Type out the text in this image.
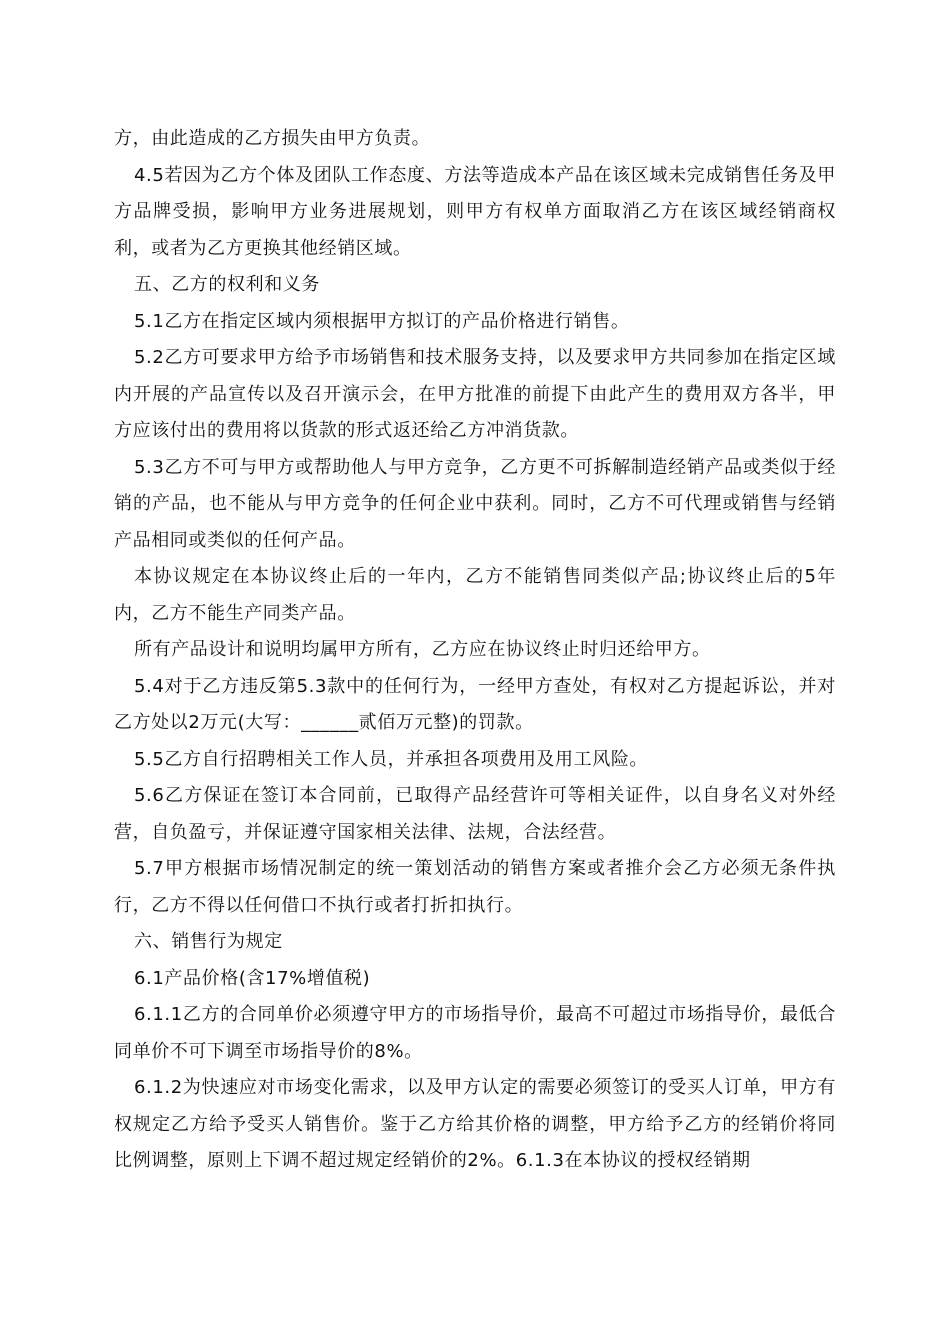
方，由此造成的乙方损失由甲方负责。

4.5若因为乙方个体及团队工作态度、方法等造成本产品在该区域未完成销售任务及甲方品牌受损，影响甲方业务进展规划，则甲方有权单方面取消乙方在该区域经销商权利，或者为乙方更换其他经销区域。

五、乙方的权利和义务

5.1乙方在指定区域内须根据甲方拟订的产品价格进行销售。

5.2乙方可要求甲方给予市场销售和技术服务支持，以及要求甲方共同参加在指定区域内开展的产品宣传以及召开演示会，在甲方批准的前提下由此产生的费用双方各半，甲方应该付出的费用将以货款的形式返还给乙方冲消货款。

5.3乙方不可与甲方或帮助他人与甲方竞争，乙方更不可拆解制造经销产品或类似于经销的产品，也不能从与甲方竞争的任何企业中获利。同时，乙方不可代理或销售与经销产品相同或类似的任何产品。

本协议规定在本协议终止后的一年内，乙方不能销售同类似产品;协议终止后的5年内，乙方不能生产同类产品。

所有产品设计和说明均属甲方所有，乙方应在协议终止时归还给甲方。

5.4对于乙方违反第5.3款中的任何行为，一经甲方查处，有权对乙方提起诉讼，并对乙方处以2万元(大写：______贰佰万元整)的罚款。

5.5乙方自行招聘相关工作人员，并承担各项费用及用工风险。

5.6乙方保证在签订本合同前，已取得产品经营许可等相关证件，以自身名义对外经营，自负盈亏，并保证遵守国家相关法律、法规，合法经营。

5.7甲方根据市场情况制定的统一策划活动的销售方案或者推介会乙方必须无条件执行，乙方不得以任何借口不执行或者打折扣执行。

六、销售行为规定

6.1产品价格(含17%增值税)

6.1.1乙方的合同单价必须遵守甲方的市场指导价，最高不可超过市场指导价，最低合同单价不可下调至市场指导价的8%。

6.1.2为快速应对市场变化需求，以及甲方认定的需要必须签订的受买人订单，甲方有权规定乙方给予受买人销售价。鉴于乙方给其价格的调整，甲方给予乙方的经销价将同比例调整，原则上下调不超过规定经销价的2%。6.1.3在本协议的授权经销期
